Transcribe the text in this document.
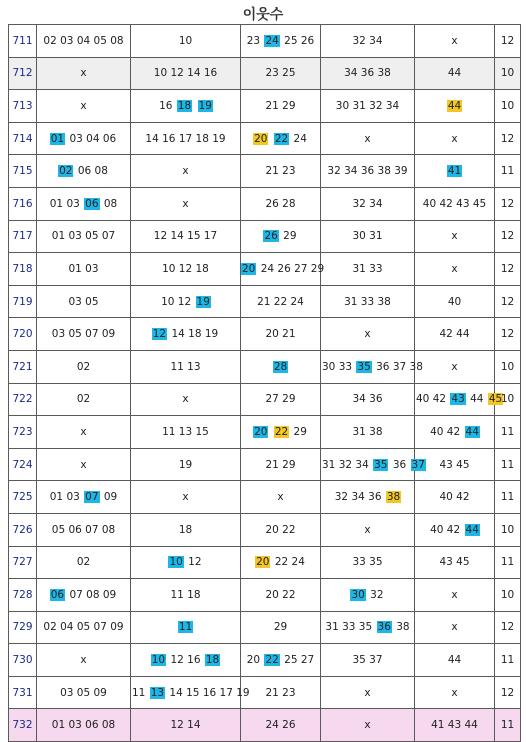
이웃수
711	02 03 04 05 08	10	23 24 25 26	32 34	x	12
712	x	10 12 14 16	23 25	34 36 38	44	10
713	x	16 18 19	21 29	30 31 32 34	44	10
714	01 03 04 06	14 16 17 18 19	20 22 24	x	x	12
715	02 06 08	x	21 23	32 34 36 38 39	41	11
716	01 03 06 08	x	26 28	32 34	40 42 43 45	12
717	01 03 05 07	12 14 15 17	26 29	30 31	x	12
718	01 03	10 12 18	20 24 26 27 29	31 33	x	12
719	03 05	10 12 19	21 22 24	31 33 38	40	12
720	03 05 07 09	12 14 18 19	20 21	x	42 44	12
721	02	11 13	28	30 33 35 36 37 38	x	10
722	02	x	27 29	34 36	40 42 43 44 45	10
723	x	11 13 15	20 22 29	31 38	40 42 44	11
724	x	19	21 29	31 32 34 35 36 37	43 45	11
725	01 03 07 09	x	x	32 34 36 38	40 42	11
726	05 06 07 08	18	20 22	x	40 42 44	10
727	02	10 12	20 22 24	33 35	43 45	11
728	06 07 08 09	11 18	20 22	30 32	x	10
729	02 04 05 07 09	11	29	31 33 35 36 38	x	12
730	x	10 12 16 18	20 22 25 27	35 37	44	11
731	03 05 09	11 13 14 15 16 17 19	21 23	x	x	12
732	01 03 06 08	12 14	24 26	x	41 43 44	11
